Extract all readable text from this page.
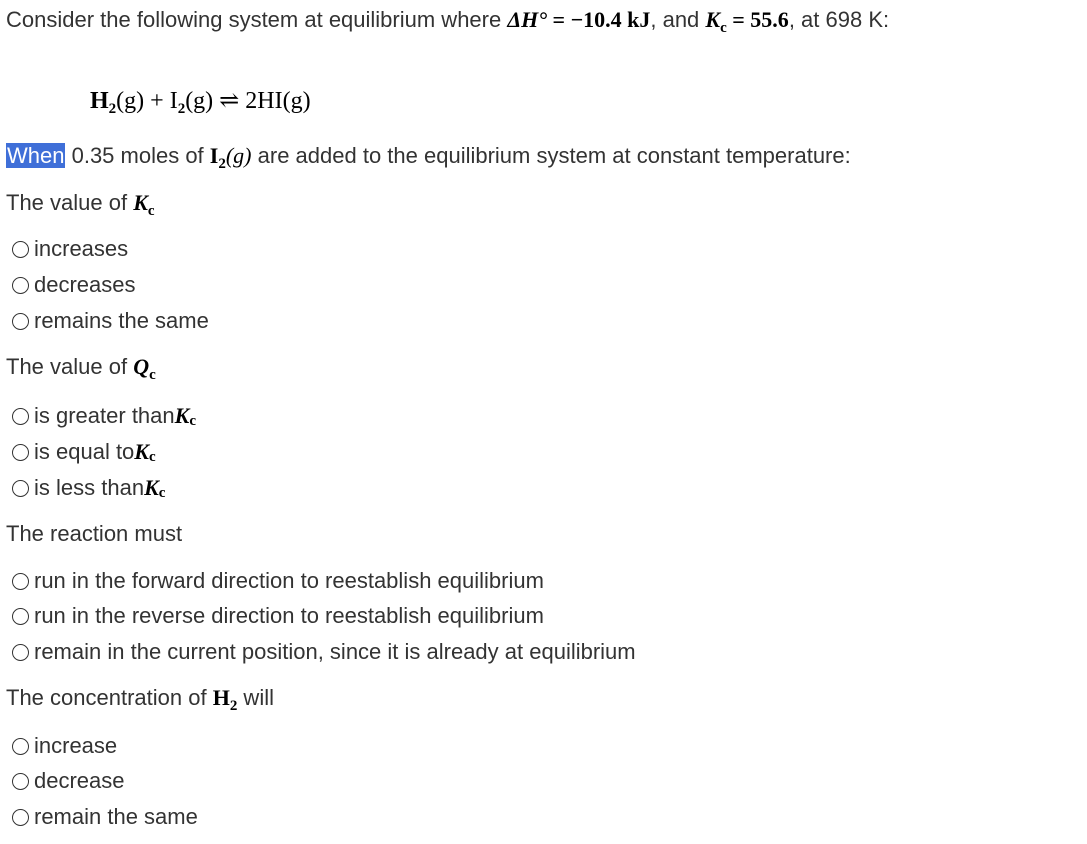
Consider the following system at equilibrium where ΔH° = −10.4 kJ, and $K_c = 55.6$, at 698 K:
$H_2(g) + I_2(g)$ ⇌ 2HI(g)
When 0.35 moles of $I_2(g)$ are added to the equilibrium system at constant temperature:
The value of $K_c$
increases
decreases
remains the same
The value of $Q_c$
is greater than K c
is equal to K c
is less than K c
The reaction must
run in the forward direction to reestablish equilibrium
run in the reverse direction to reestablish equilibrium
remain in the current position, since it is already at equilibrium
The concentration of $H_2$ will
increase
decrease
remain the same
